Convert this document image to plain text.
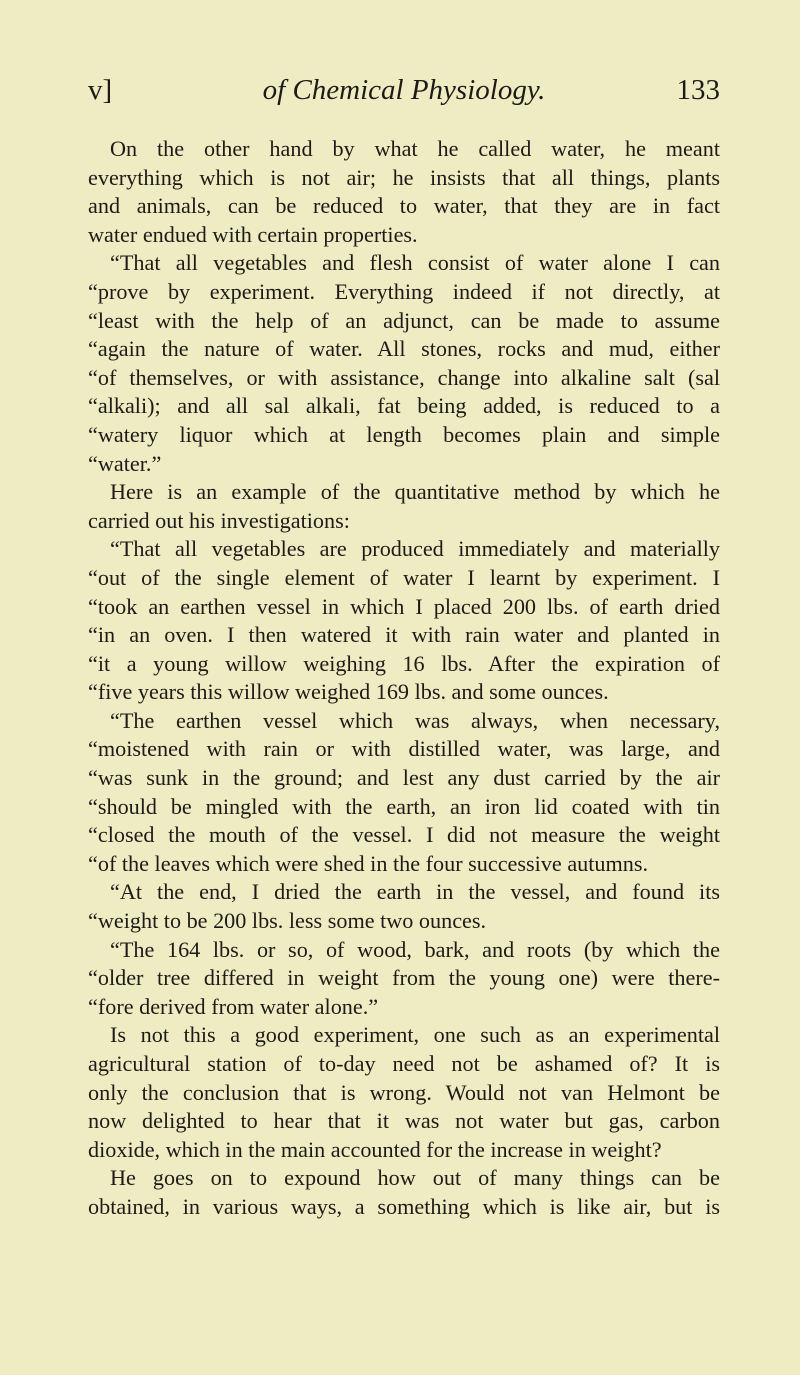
v]	of Chemical Physiology.	133
On the other hand by what he called water, he meant
everything which is not air; he insists that all things, plants
and animals, can be reduced to water, that they are in fact
water endued with certain properties.
“That all vegetables and flesh consist of water alone I can
“prove by experiment. Everything indeed if not directly, at
“least with the help of an adjunct, can be made to assume
“again the nature of water. All stones, rocks and mud, either
“of themselves, or with assistance, change into alkaline salt (sal
“alkali); and all sal alkali, fat being added, is reduced to a
“watery liquor which at length becomes plain and simple
“water.”
Here is an example of the quantitative method by which he
carried out his investigations:
“That all vegetables are produced immediately and materially
“out of the single element of water I learnt by experiment. I
“took an earthen vessel in which I placed 200 lbs. of earth dried
“in an oven. I then watered it with rain water and planted in
“it a young willow weighing 16 lbs. After the expiration of
“five years this willow weighed 169 lbs. and some ounces.
“The earthen vessel which was always, when necessary,
“moistened with rain or with distilled water, was large, and
“was sunk in the ground; and lest any dust carried by the air
“should be mingled with the earth, an iron lid coated with tin
“closed the mouth of the vessel. I did not measure the weight
“of the leaves which were shed in the four successive autumns.
“At the end, I dried the earth in the vessel, and found its
“weight to be 200 lbs. less some two ounces.
“The 164 lbs. or so, of wood, bark, and roots (by which the
“older tree differed in weight from the young one) were there-
“fore derived from water alone.”
Is not this a good experiment, one such as an experimental
agricultural station of to-day need not be ashamed of? It is
only the conclusion that is wrong. Would not van Helmont be
now delighted to hear that it was not water but gas, carbon
dioxide, which in the main accounted for the increase in weight?
He goes on to expound how out of many things can be
obtained, in various ways, a something which is like air, but is
